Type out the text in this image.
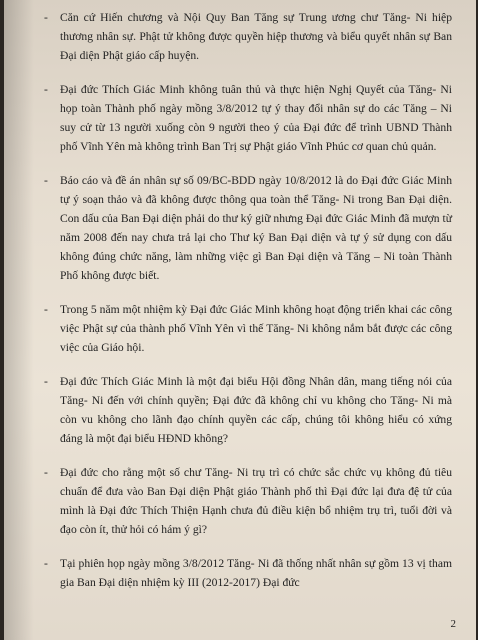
- Căn cứ Hiến chương và Nội Quy Ban Tăng sự Trung ương chư Tăng- Ni hiệp thương nhân sự. Phật tử không được quyền hiệp thương và biểu quyết nhân sự Ban Đại diện Phật giáo cấp huyện.
- Đại đức Thích Giác Minh không tuân thủ và thực hiện Nghị Quyết của Tăng- Ni họp toàn Thành phố ngày mồng 3/8/2012 tự ý thay đổi nhân sự do các Tăng – Ni suy cử từ 13 người xuống còn 9 người theo ý của Đại đức để trình UBND Thành phố Vĩnh Yên mà không trình Ban Trị sự Phật giáo Vĩnh Phúc cơ quan chủ quản.
- Báo cáo và đề án nhân sự số 09/BC-BDD ngày 10/8/2012 là do Đại đức Giác Minh tự ý soạn thảo và đã không được thông qua toàn thể Tăng- Ni trong Ban Đại diện. Con dấu của Ban Đại diện phải do thư ký giữ nhưng Đại đức Giác Minh đã mượn từ năm 2008 đến nay chưa trả lại cho Thư ký Ban Đại diện và tự ý sử dụng con dấu không đúng chức năng, làm những việc gì Ban Đại diện và Tăng – Ni toàn Thành Phố không được biết.
- Trong 5 năm một nhiệm kỳ Đại đức Giác Minh không hoạt động triển khai các công việc Phật sự của thành phố Vĩnh Yên vì thế Tăng- Ni không nắm bắt được các công việc của Giáo hội.
- Đại đức Thích Giác Minh là một đại biểu Hội đồng Nhân dân, mang tiếng nói của Tăng- Ni đến với chính quyền; Đại đức đã không chỉ vu không cho Tăng- Ni mà còn vu không cho lãnh đạo chính quyền các cấp, chúng tôi không hiểu có xứng đáng là một đại biểu HĐND không?
- Đại đức cho rằng một số chư Tăng- Ni trụ trì có chức sắc chức vụ không đủ tiêu chuẩn để đưa vào Ban Đại diện Phật giáo Thành phố thì Đại đức lại đưa đệ tử của mình là Đại đức Thích Thiện Hạnh chưa đủ điều kiện bổ nhiệm trụ trì, tuổi đời và đạo còn ít, thử hỏi có hám ý gì?
- Tại phiên họp ngày mồng 3/8/2012 Tăng- Ni đã thống nhất nhân sự gồm 13 vị tham gia Ban Đại diện nhiệm kỳ III (2012-2017) Đại đức
2
